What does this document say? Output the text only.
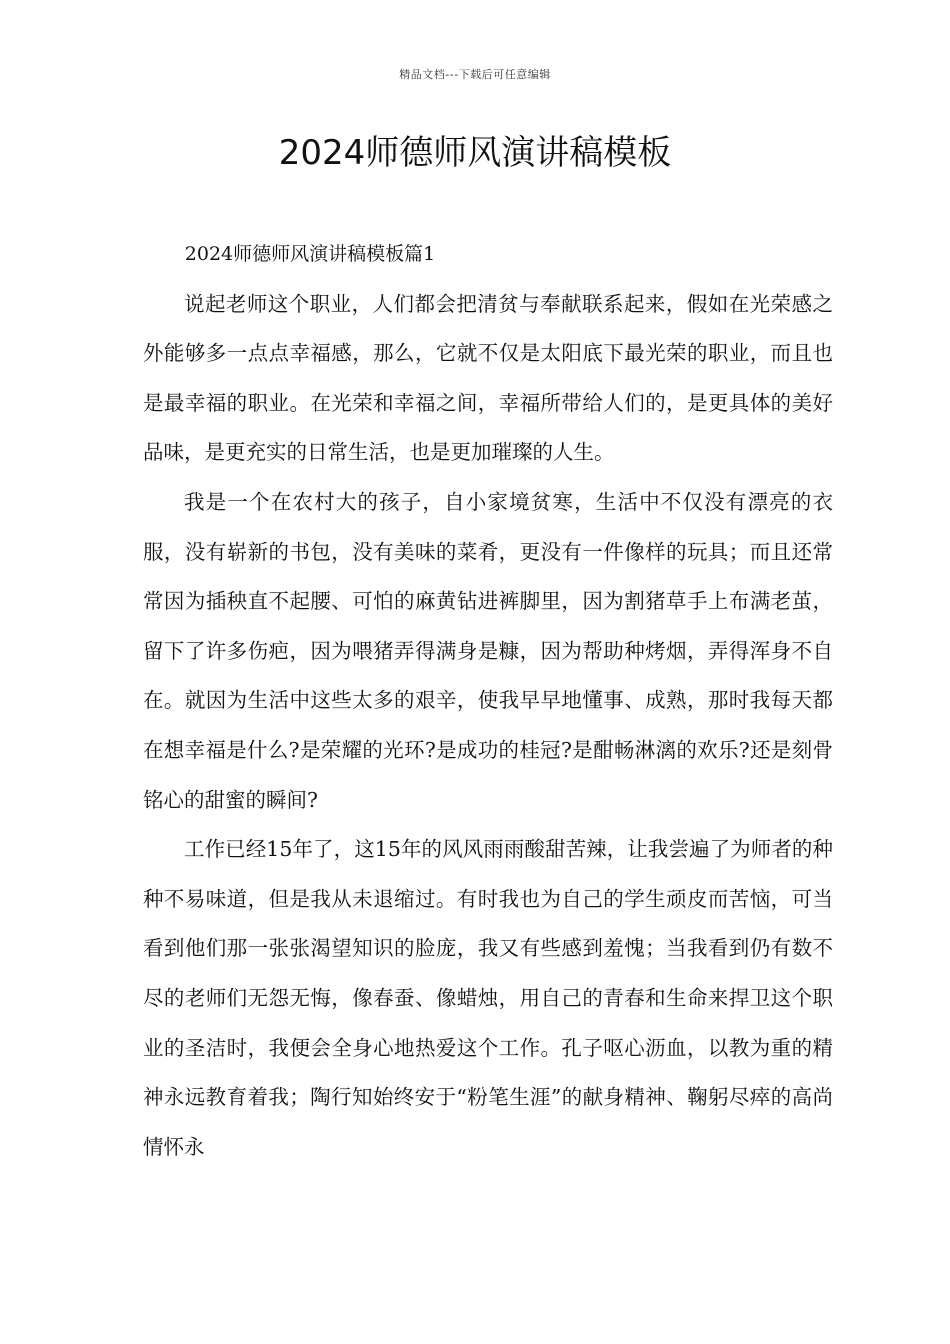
精品文档---下载后可任意编辑
2024师德师风演讲稿模板

2024师德师风演讲稿模板篇1

说起老师这个职业，人们都会把清贫与奉献联系起来，假如在光荣感之外能够多一点点幸福感，那么，它就不仅是太阳底下最光荣的职业，而且也是最幸福的职业。在光荣和幸福之间，幸福所带给人们的，是更具体的美好品味，是更充实的日常生活，也是更加璀璨的人生。

我是一个在农村大的孩子，自小家境贫寒，生活中不仅没有漂亮的衣服，没有崭新的书包，没有美味的菜肴，更没有一件像样的玩具；而且还常常因为插秧直不起腰、可怕的麻黄钻进裤脚里，因为割猪草手上布满老茧，留下了许多伤疤，因为喂猪弄得满身是糠，因为帮助种烤烟，弄得浑身不自在。就因为生活中这些太多的艰辛，使我早早地懂事、成熟，那时我每天都在想幸福是什么?是荣耀的光环?是成功的桂冠?是酣畅淋漓的欢乐?还是刻骨铭心的甜蜜的瞬间?

工作已经15年了，这15年的风风雨雨酸甜苦辣，让我尝遍了为师者的种种不易味道，但是我从未退缩过。有时我也为自己的学生顽皮而苦恼，可当看到他们那一张张渴望知识的脸庞，我又有些感到羞愧；当我看到仍有数不尽的老师们无怨无悔，像春蚕、像蜡烛，用自己的青春和生命来捍卫这个职业的圣洁时，我便会全身心地热爱这个工作。孔子呕心沥血，以教为重的精神永远教育着我；陶行知始终安于“粉笔生涯”的献身精神、鞠躬尽瘁的高尚情怀永
